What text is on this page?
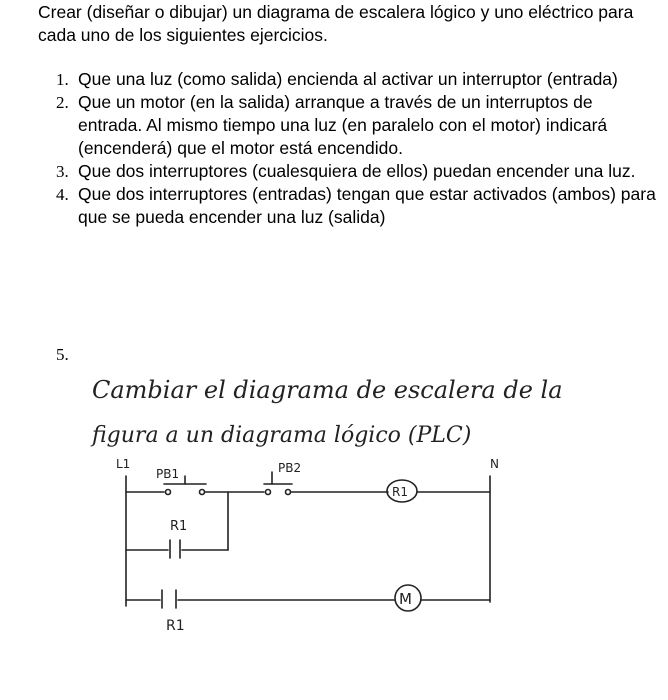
Crear (diseñar o dibujar) un diagrama de escalera lógico y uno eléctrico para cada uno de los siguientes ejercicios.
1. Que una luz (como salida) encienda al activar un interruptor (entrada)
2. Que un motor (en la salida) arranque a través de un interruptos de entrada. Al mismo tiempo una luz (en paralelo con el motor) indicará (encenderá) que el motor está encendido.
3. Que dos interruptores (cualesquiera de ellos) puedan encender una luz.
4. Que dos interruptores (entradas) tengan que estar activados (ambos) para que se pueda encender una luz (salida)
5.
Cambiar el diagrama de escalera de la
figura a un diagrama lógico (PLC)
L1	N
PB1	PB2
R1
R1
R1
M
